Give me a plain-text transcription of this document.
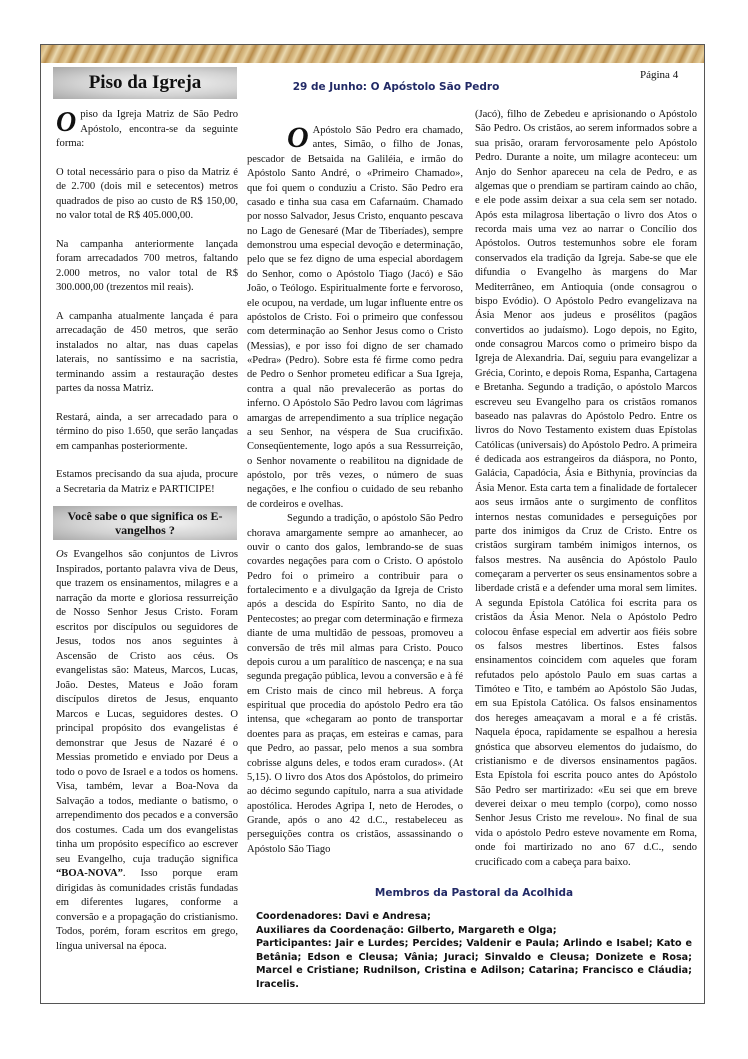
Página 4
Piso da Igreja

O piso da Igreja Matriz de São Pedro Apóstolo, encontra-se da seguinte forma:

O total necessário para o piso da Matriz é de 2.700 (dois mil e setecentos) metros quadrados de piso ao custo de R$ 150,00, no valor total de R$ 405.000,00.

Na campanha anteriormente lançada foram arrecadados 700 metros, faltando 2.000 metros, no valor total de R$ 300.000,00 (trezentos mil reais).

A campanha atualmente lançada é para arrecadação de 450 metros, que serão instalados no altar, nas duas capelas laterais, no santíssimo e na sacristia, terminando assim a restauração destes partes da nossa Matriz.

Restará, ainda, a ser arrecadado para o término do piso 1.650, que serão lançadas em campanhas posteriormente.

Estamos precisando da sua ajuda, procure a Secretaria da Matriz e PARTICIPE!

Você sabe o que significa os E-vangelhos ?

Os Evangelhos são conjuntos de Livros Inspirados, portanto palavra viva de Deus, que trazem os ensinamentos, milagres e a narração da morte e gloriosa ressurreição de Nosso Senhor Jesus Cristo. Foram escritos por discípulos ou seguidores de Jesus, todos nos anos seguintes à Ascensão de Cristo aos céus. Os evangelistas são: Mateus, Marcos, Lucas, João. Destes, Mateus e João foram discípulos diretos de Jesus, enquanto Marcos e Lucas, seguidores destes. O principal propósito dos evangelistas é demonstrar que Jesus de Nazaré é o Messias prometido e enviado por Deus a todo o povo de Israel e a todos os homens. Visa, também, levar a Boa-Nova da Salvação a todos, mediante o batismo, o arrependimento dos pecados e a conversão dos costumes. Cada um dos evangelistas tinha um propósito específico ao escrever seu Evangelho, cuja tradução significa “BOA-NOVA”. Isso porque eram dirigidas às comunidades cristãs fundadas em diferentes lugares, conforme a conversão e a propagação do cristianismo. Todos, porém, foram escritos em grego, língua universal na época.

29 de Junho: O Apóstolo São Pedro

O Apóstolo São Pedro era chamado, antes, Simão, o filho de Jonas, pescador de Betsaida na Galiléia, e irmão do Apóstolo Santo André, o «Primeiro Chamado», que foi quem o conduziu a Cristo. São Pedro era casado e tinha sua casa em Cafarnaúm. Chamado por nosso Salvador, Jesus Cristo, enquanto pescava no Lago de Genesaré (Mar de Tiberíades), sempre demonstrou uma especial devoção e determinação, pelo que se fez digno de uma especial abordagem do Senhor, como o Apóstolo Tiago (Jacó) e São João, o Teólogo. Espiritualmente forte e fervoroso, ele ocupou, na verdade, um lugar influente entre os apóstolos de Cristo. Foi o primeiro que confessou com determinação ao Senhor Jesus como o Cristo (Messias), e por isso foi digno de ser chamado «Pedra» (Pedro). Sobre esta fé firme como pedra de Pedro o Senhor prometeu edificar a Sua Igreja, contra a qual não prevalecerão as portas do inferno. O Apóstolo São Pedro lavou com lágrimas amargas de arrependimento a sua tríplice negação a seu Senhor, na véspera de Sua crucifixão. Conseqüentemente, logo após a sua Ressurreição, o Senhor novamente o reabilitou na dignidade de apóstolo, por três vezes, o número de suas negações, e lhe confiou o cuidado de seu rebanho de cordeiros e ovelhas.

Segundo a tradição, o apóstolo São Pedro chorava amargamente sempre ao amanhecer, ao ouvir o canto dos galos, lembrando-se de suas covardes negações para com o Cristo. O apóstolo Pedro foi o primeiro a contribuir para o fortalecimento e a divulgação da Igreja de Cristo após a descida do Espírito Santo, no dia de Pentecostes; ao pregar com determinação e firmeza diante de uma multidão de pessoas, promoveu a conversão de três mil almas para Cristo. Pouco depois curou a um paralítico de nascença; e na sua segunda pregação pública, levou a conversão e à fé em Cristo mais de cinco mil hebreus. A força espiritual que procedia do apóstolo Pedro era tão intensa, que «chegaram ao ponto de transportar doentes para as praças, em esteiras e camas, para que Pedro, ao passar, pelo menos a sua sombra cobrisse alguns deles, e todos eram curados». (At 5,15). O livro dos Atos dos Apóstolos, do primeiro ao décimo segundo capítulo, narra a sua atividade apostólica. Herodes Agripa I, neto de Herodes, o Grande, após o ano 42 d.C., restabeleceu as perseguições contra os cristãos, assassinando o Apóstolo São Tiago

(Jacó), filho de Zebedeu e aprisionando o Apóstolo São Pedro. Os cristãos, ao serem informados sobre a sua prisão, oraram fervorosamente pelo Apóstolo Pedro. Durante a noite, um milagre aconteceu: um Anjo do Senhor apareceu na cela de Pedro, e as algemas que o prendiam se partiram caindo ao chão, e ele pode assim deixar a sua cela sem ser notado. Após esta milagrosa libertação o livro dos Atos o recorda mais uma vez ao narrar o Concílio dos Apóstolos. Outros testemunhos sobre ele foram conservados ela tradição da Igreja. Sabe-se que ele difundia o Evangelho às margens do Mar Mediterrâneo, em Antioquia (onde consagrou o bispo Evódio). O Apóstolo Pedro evangelizava na Ásia Menor aos judeus e prosélitos (pagãos convertidos ao judaísmo). Logo depois, no Egito, onde consagrou Marcos como o primeiro bispo da Igreja de Alexandria. Daí, seguiu para evangelizar a Grécia, Corinto, e depois Roma, Espanha, Cartagena e Bretanha. Segundo a tradição, o apóstolo Marcos escreveu seu Evangelho para os cristãos romanos baseado nas palavras do Apóstolo Pedro. Entre os livros do Novo Testamento existem duas Epístolas Católicas (universais) do Apóstolo Pedro. A primeira é dedicada aos estrangeiros da diáspora, no Ponto, Galácia, Capadócia, Ásia e Bithynia, províncias da Ásia Menor. Esta carta tem a finalidade de fortalecer aos seus irmãos ante o surgimento de conflitos internos nestas comunidades e perseguições por parte dos inimigos da Cruz de Cristo. Entre os cristãos surgiram também inimigos internos, os falsos mestres. Na ausência do Apóstolo Paulo começaram a perverter os seus ensinamentos sobre a liberdade cristã e a defender uma moral sem limites. A segunda Epístola Católica foi escrita para os cristãos da Ásia Menor. Nela o Apóstolo Pedro colocou ênfase especial em advertir aos fiéis sobre os falsos mestres libertinos. Estes falsos ensinamentos coincidem com aqueles que foram refutados pelo apóstolo Paulo em suas cartas a Timóteo e Tito, e também ao Apóstolo São Judas, em sua Epístola Católica. Os falsos ensinamentos dos hereges ameaçavam a moral e a fé cristãs. Naquela época, rapidamente se espalhou a heresia gnóstica que absorveu elementos do judaísmo, do cristianismo e de diversos ensinamentos pagãos. Esta Epístola foi escrita pouco antes do Apóstolo São Pedro ser martirizado: «Eu sei que em breve deverei deixar o meu templo (corpo), como nosso Senhor Jesus Cristo me revelou». No final de sua vida o apóstolo Pedro esteve novamente em Roma, onde foi martirizado no ano 67 d.C., sendo crucificado com a cabeça para baixo.

Membros da Pastoral da Acolhida
Coordenadores: Davi e Andresa;
Auxiliares da Coordenação: Gilberto, Margareth e Olga;
Participantes: Jair e Lurdes; Percides; Valdenir e Paula; Arlindo e Isabel; Kato e Betânia; Edson e Cleusa; Vânia; Juraci; Sinvaldo e Cleusa; Donizete e Rosa; Marcel e Cristiane; Rudnilson, Cristina e Adilson; Catarina; Francisco e Cláudia; Iracelis.
